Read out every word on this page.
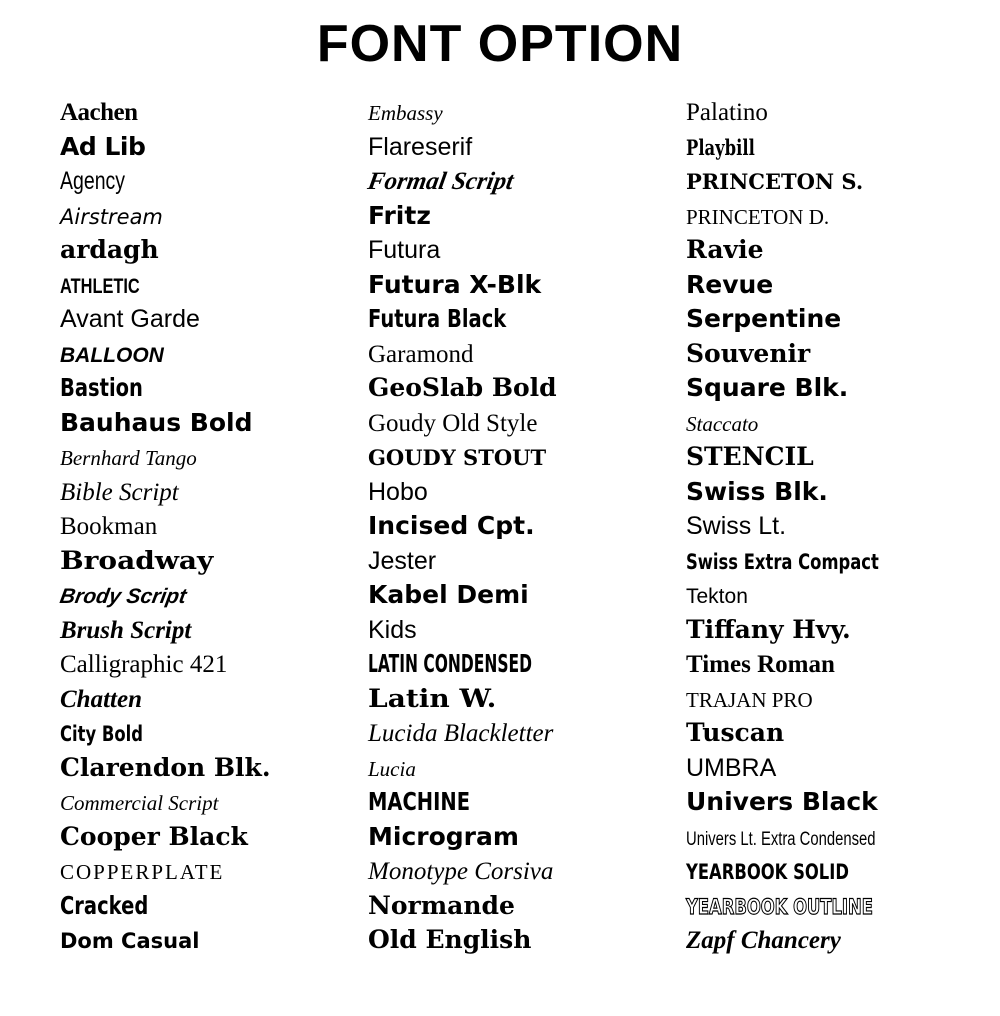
FONT OPTION
Aachen
Ad Lib
Agency
Airstream
ardagh
ATHLETIC
Avant Garde
BALLOON
Bastion
Bauhaus Bold
Bernhard Tango
Bible Script
Bookman
Broadway
Brody Script
Brush Script
Calligraphic 421
Chatten
City Bold
Clarendon Blk.
Commercial Script
Cooper Black
COPPERPLATE
Cracked
Dom Casual
Embassy
Flareserif
Formal Script
Fritz
Futura
Futura X-Blk
Futura Black
Garamond
GeoSlab Bold
Goudy Old Style
GOUDY STOUT
Hobo
Incised Cpt.
Jester
Kabel Demi
Kids
LATIN CONDENSED
Latin W.
Lucida Blackletter
Lucia
MACHINE
Microgram
Monotype Corsiva
Normande
Old English
Palatino
Playbill
PRINCETON S.
PRINCETON D.
Ravie
Revue
Serpentine
Souvenir
Square Blk.
Staccato
STENCIL
Swiss Blk.
Swiss Lt.
Swiss Extra Compact
Tekton
Tiffany Hvy.
Times Roman
TRAJAN PRO
Tuscan
UMBRA
Univers Black
Univers Lt. Extra Condensed
YEARBOOK SOLID
YEARBOOK OUTLINE
Zapf Chancery
